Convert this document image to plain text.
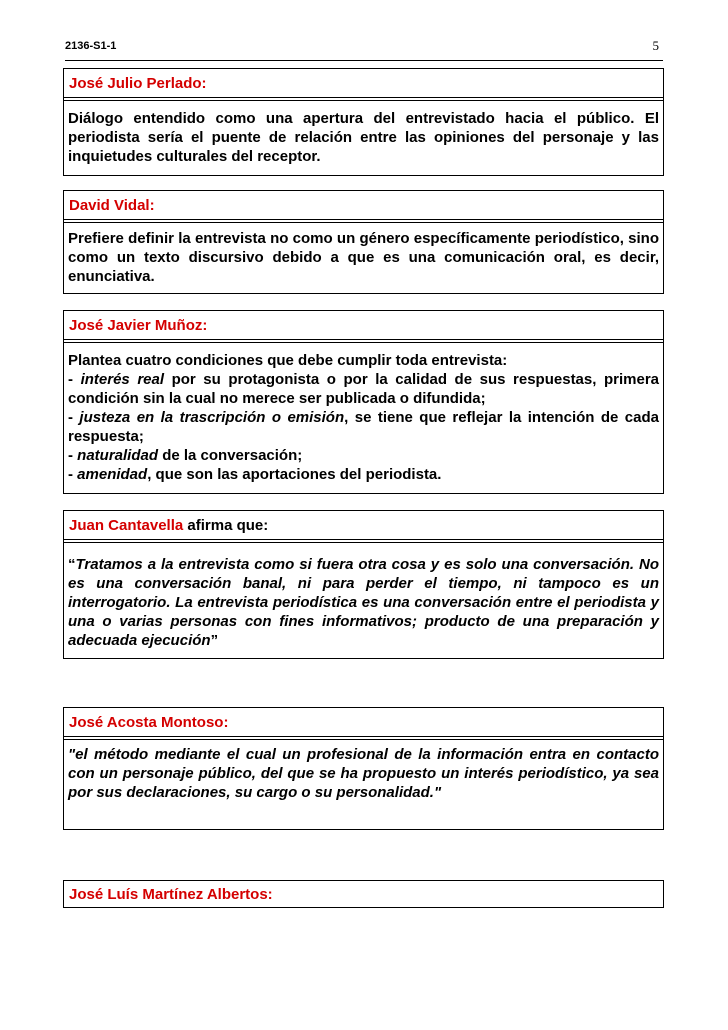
2136-S1-1	5
José Julio Perlado:

Diálogo entendido como una apertura del entrevistado hacia el público. El periodista sería el puente de relación entre las opiniones del personaje y las inquietudes culturales del receptor.

David Vidal:

Prefiere definir la entrevista no como un género específicamente periodístico, sino como un texto discursivo debido a que es una comunicación oral, es decir, enunciativa.

José Javier Muñoz:

Plantea cuatro condiciones que debe cumplir toda entrevista:

- interés real por su protagonista o por la calidad de sus respuestas, primera condición sin la cual no merece ser publicada o difundida;

- justeza en la trascripción o emisión, se tiene que reflejar la intención de cada respuesta;

- naturalidad de la conversación;

- amenidad, que son las aportaciones del periodista.

Juan Cantavella afirma que:

“Tratamos a la entrevista como si fuera otra cosa y es solo una conversación. No es una conversación banal, ni para perder el tiempo, ni tampoco es un interrogatorio. La entrevista periodística es una conversación entre el periodista y una o varias personas con fines informativos; producto de una preparación y adecuada ejecución”

José Acosta Montoso:

"el método mediante el cual un profesional de la información entra en contacto con un personaje público, del que se ha propuesto un interés periodístico, ya sea por sus declaraciones, su cargo o su personalidad."

José Luís Martínez Albertos:
